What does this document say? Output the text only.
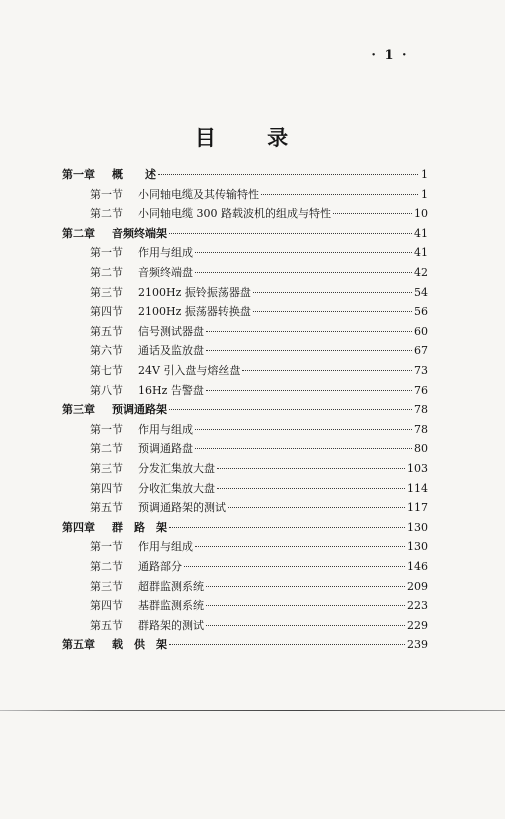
· 1 ·
目 录
第一章	概　　述	1
第一节	小同轴电缆及其传输特性	1
第二节	小同轴电缆 300 路载波机的组成与特性	10
第二章	音频终端架	41
第一节	作用与组成	41
第二节	音频终端盘	42
第三节	2100Hz 振铃振荡器盘	54
第四节	2100Hz 振荡器转换盘	56
第五节	信号测试器盘	60
第六节	通话及监放盘	67
第七节	24V 引入盘与熔丝盘	73
第八节	16Hz 告警盘	76
第三章	预调通路架	78
第一节	作用与组成	78
第二节	预调通路盘	80
第三节	分发汇集放大盘	103
第四节	分收汇集放大盘	114
第五节	预调通路架的测试	117
第四章	群　路　架	130
第一节	作用与组成	130
第二节	通路部分	146
第三节	超群监测系统	209
第四节	基群监测系统	223
第五节	群路架的测试	229
第五章	载　供　架	239
